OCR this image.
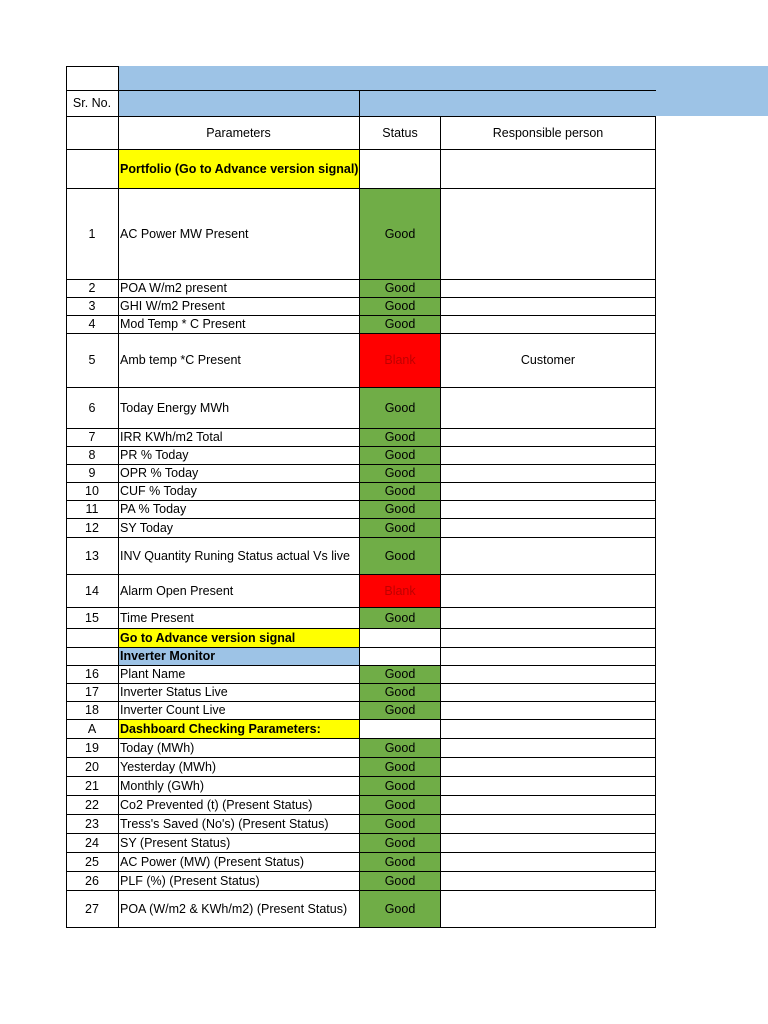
Sr. No.
Parameters	Status	Responsible person
Portfolio (Go to Advance version signal)
1	AC Power MW Present	Good
2	POA W/m2 present	Good
3	GHI W/m2 Present	Good
4	Mod Temp * C Present	Good
5	Amb temp *C Present	Blank	Customer
6	Today Energy MWh	Good
7	IRR KWh/m2 Total	Good
8	PR % Today	Good
9	OPR % Today	Good
10	CUF % Today	Good
11	PA % Today	Good
12	SY Today	Good
13	INV Quantity Runing Status actual Vs live	Good
14	Alarm Open Present	Blank
15	Time Present	Good
Go to Advance version signal
Inverter Monitor
16	Plant Name	Good
17	Inverter Status Live	Good
18	Inverter Count Live	Good
A	Dashboard Checking Parameters:
19	Today (MWh)	Good
20	Yesterday (MWh)	Good
21	Monthly (GWh)	Good
22	Co2 Prevented (t) (Present Status)	Good
23	Tress's Saved (No's) (Present Status)	Good
24	SY (Present Status)	Good
25	AC Power (MW) (Present Status)	Good
26	PLF (%) (Present Status)	Good
27	POA (W/m2 & KWh/m2) (Present Status)	Good
